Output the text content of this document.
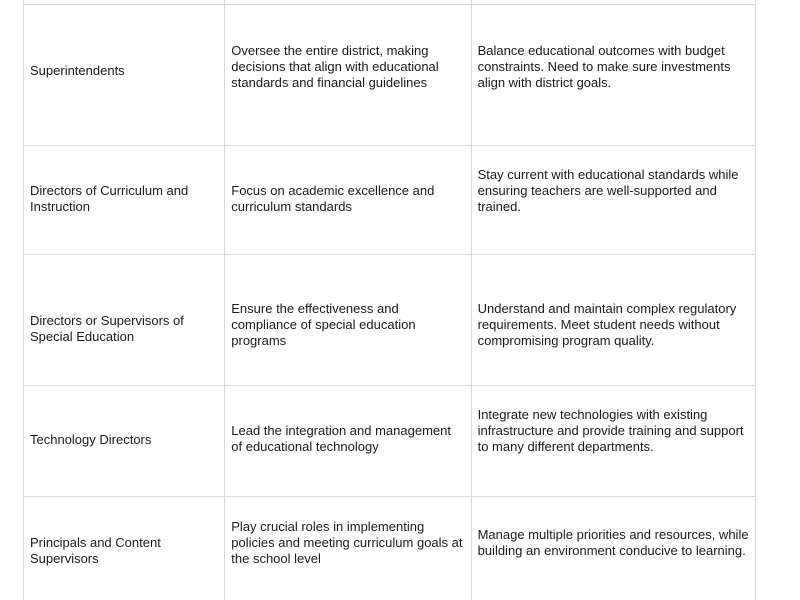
Superintendents	Oversee the entire district, making decisions that align with educational standards and financial guidelines	Balance educational outcomes with budget constraints. Need to make sure investments align with district goals.

Directors of Curriculum and Instruction	Focus on academic excellence and curriculum standards	Stay current with educational standards while ensuring teachers are well-supported and trained.

Directors or Supervisors of Special Education	Ensure the effectiveness and compliance of special education programs	Understand and maintain complex regulatory requirements. Meet student needs without compromising program quality.

Technology Directors	Lead the integration and management of educational technology	Integrate new technologies with existing infrastructure and provide training and support to many different departments.

Principals and Content Supervisors	Play crucial roles in implementing policies and meeting curriculum goals at the school level	Manage multiple priorities and resources, while building an environment conducive to learning.
